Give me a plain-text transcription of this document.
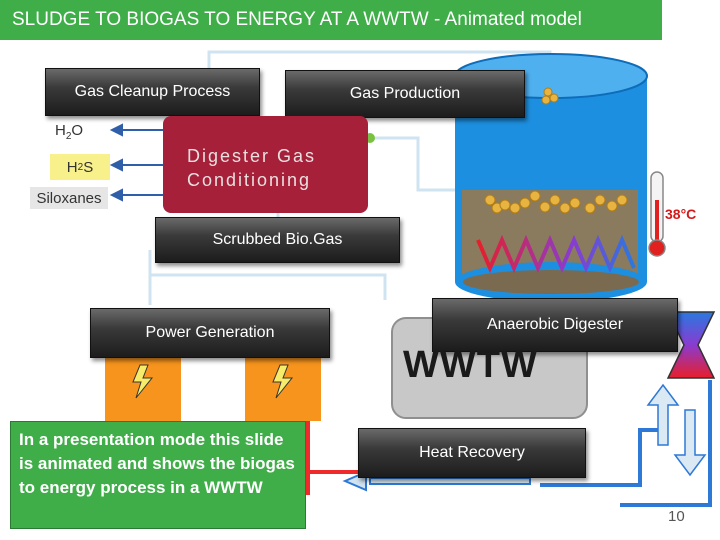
SLUDGE TO BIOGAS TO ENERGY AT A WWTW - Animated model
Gas Cleanup Process	Gas Production
$H_2O$
H 2 S
Siloxanes
Digester Gas Conditioning
Scrubbed Bio.Gas
Power Generation	Anaerobic Digester
WWTW
Heat Recovery
38°C
In a presentation mode this slide is animated and shows the biogas to energy process in a WWTW
10
